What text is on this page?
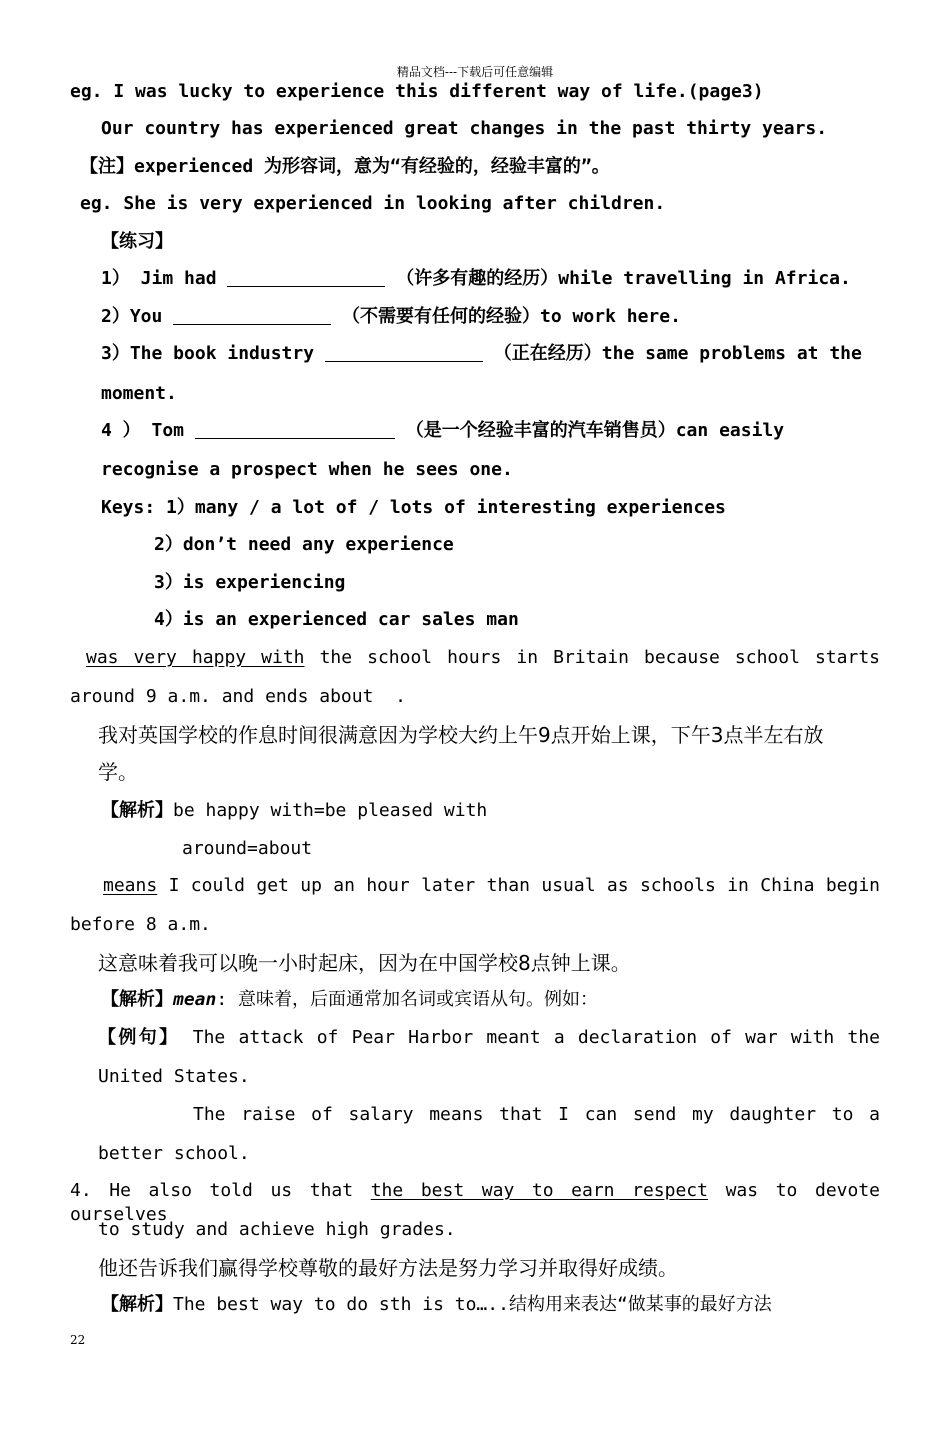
精品文档---下载后可任意编辑
eg. I was lucky to experience this different way of life.(page3)
Our country has experienced great changes in the past thirty years.
【注】experienced 为形容词，意为“有经验的，经验丰富的”。
eg. She is very experienced in looking after children.
【练习】
1） Jim had	（许多有趣的经历）while travelling in Africa.
2）You	（不需要有任何的经验）to work here.
3）The book industry	（正在经历）the same problems at the
moment.
4 ） Tom	（是一个经验丰富的汽车销售员）can easily
recognise a prospect when he sees one.
Keys: 1）many / a lot of / lots of interesting experiences
2）don’t need any experience
3）is experiencing
4）is an experienced car sales man
was very happy with the school hours in Britain because school starts
around 9 a.m. and ends about  .
我对英国学校的作息时间很满意因为学校大约上午9点开始上课，下午3点半左右放
学。
【解析】be happy with=be pleased with
around=about
means I could get up an hour later than usual as schools in China begin
before 8 a.m.
这意味着我可以晚一小时起床，因为在中国学校8点钟上课。
【解析】mean: 意味着，后面通常加名词或宾语从句。例如：
【例句】 The attack of Pear Harbor meant a declaration of war with the
United States.
The raise of salary means that I can send my daughter to a
better school.
4. He also told us that the best way to earn respect was to devote ourselves
to study and achieve high grades.
他还告诉我们赢得学校尊敬的最好方法是努力学习并取得好成绩。
【解析】The best way to do sth is to…..结构用来表达“做某事的最好方法
22
